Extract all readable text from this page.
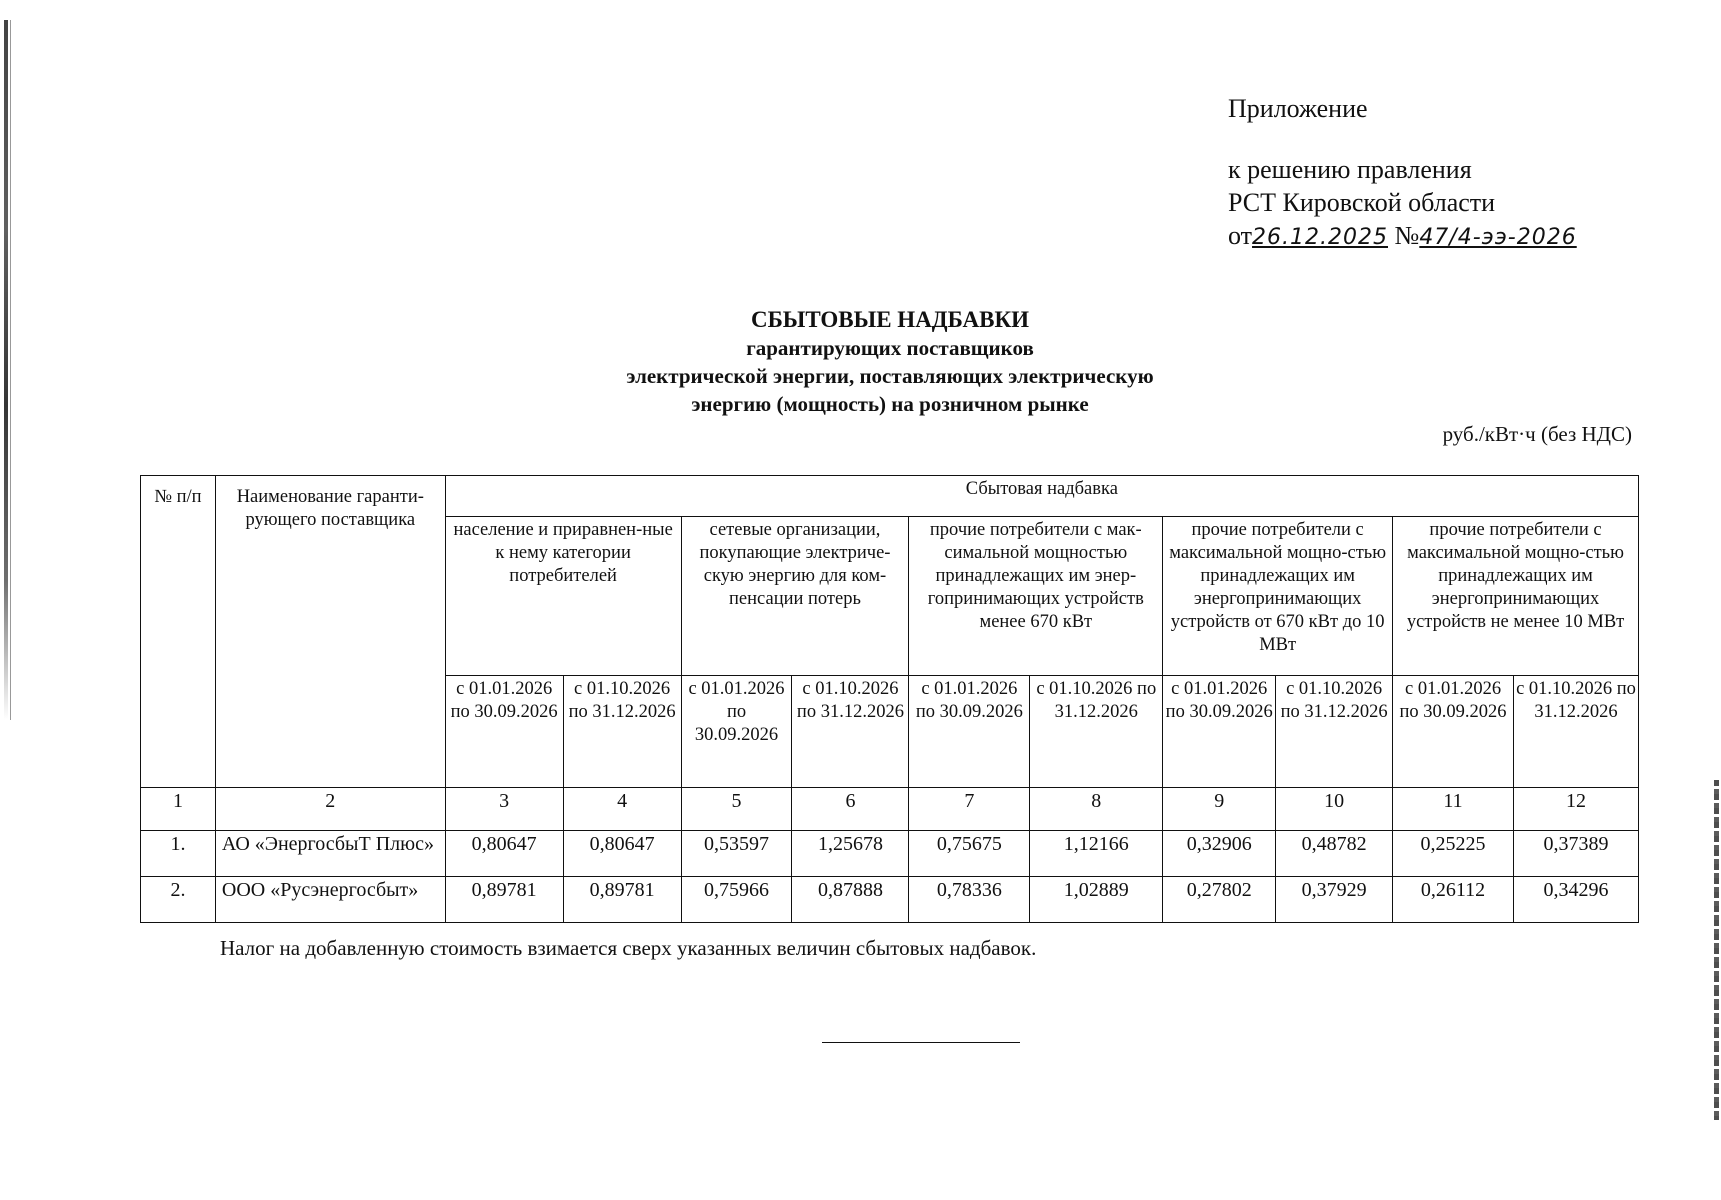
Приложение
к решению правления
РСТ Кировской области
от26.12.2025 №47/4-ээ-2026
СБЫТОВЫЕ НАДБАВКИ
гарантирующих поставщиков
электрической энергии, поставляющих электрическую
энергию (мощность) на розничном рынке
руб./кВт·ч (без НДС)
№ п/п	Наименование гаранти-рующего поставщика	Сбытовая надбавка									
		население и приравнен-ные к нему категории потребителей		сетевые организации, покупающие электриче-скую энергию для ком-пенсации потерь		прочие потребители с мак-симальной мощностью принадлежащих им энер-гопринимающих устройств менее 670 кВт		прочие потребители с максимальной мощно-стью принадлежащих им энергопринимающих устройств от 670 кВт до 10 МВт		прочие потребители с максимальной мощно-стью принадлежащих им энергопринимающих устройств не менее 10 МВт	
		с 01.01.2026 по 30.09.2026	с 01.10.2026 по 31.12.2026	с 01.01.2026 по 30.09.2026	с 01.10.2026 по 31.12.2026	с 01.01.2026 по 30.09.2026	с 01.10.2026 по 31.12.2026	с 01.01.2026 по 30.09.2026	с 01.10.2026 по 31.12.2026	с 01.01.2026 по 30.09.2026	с 01.10.2026 по 31.12.2026
1	2	3	4	5	6	7	8	9	10	11	12
1.	АО «ЭнергосбыТ Плюс»	0,80647	0,80647	0,53597	1,25678	0,75675	1,12166	0,32906	0,48782	0,25225	0,37389
2.	ООО «Русэнергосбыт»	0,89781	0,89781	0,75966	0,87888	0,78336	1,02889	0,27802	0,37929	0,26112	0,34296
Налог на добавленную стоимость взимается сверх указанных величин сбытовых надбавок.
